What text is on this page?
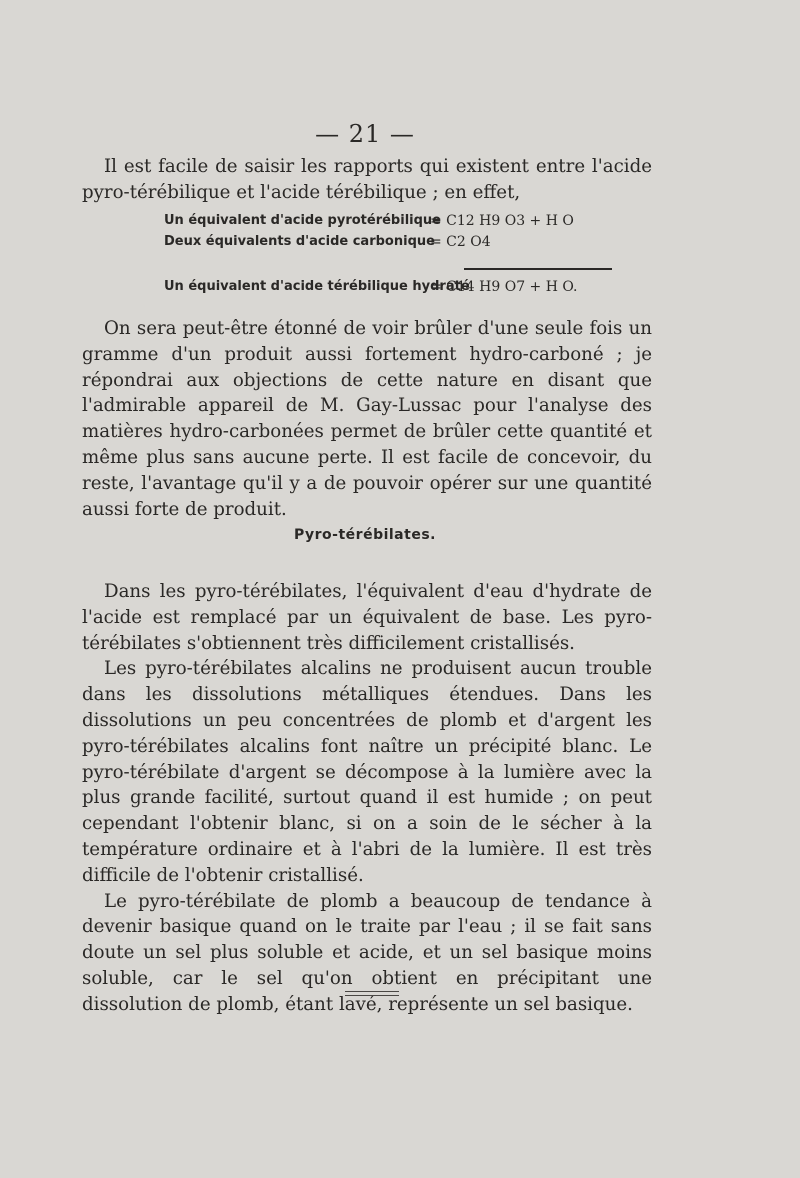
— 21 —

Il est facile de saisir les rapports qui existent entre l'acide pyro-térébilique et l'acide térébilique ; en effet,

Un équivalent d'acide pyrotérébilique
= C12 H9 O3 + H O
Deux équivalents d'acide carbonique
= C2 O4
Un équivalent d'acide térébilique hydraté
= C14 H9 O7 + H O.

On sera peut-être étonné de voir brûler d'une seule fois un gramme d'un produit aussi fortement hydro-carboné ; je répondrai aux objections de cette nature en disant que l'admirable appareil de M. Gay-Lussac pour l'analyse des matières hydro-carbonées permet de brûler cette quantité et même plus sans aucune perte. Il est facile de concevoir, du reste, l'avantage qu'il y a de pouvoir opérer sur une quantité aussi forte de produit.

Pyro-térébilates.

Dans les pyro-térébilates, l'équivalent d'eau d'hydrate de l'acide est remplacé par un équivalent de base. Les pyro-térébilates s'obtiennent très difficilement cristallisés.

Les pyro-térébilates alcalins ne produisent aucun trouble dans les dissolutions métalliques étendues. Dans les dissolutions un peu concentrées de plomb et d'argent les pyro-térébilates alcalins font naître un précipité blanc. Le pyro-térébilate d'argent se décompose à la lumière avec la plus grande facilité, surtout quand il est humide ; on peut cependant l'obtenir blanc, si on a soin de le sécher à la température ordinaire et à l'abri de la lumière. Il est très difficile de l'obtenir cristallisé.

Le pyro-térébilate de plomb a beaucoup de tendance à devenir basique quand on le traite par l'eau ; il se fait sans doute un sel plus soluble et acide, et un sel basique moins soluble, car le sel qu'on obtient en précipitant une dissolution de plomb, étant lavé, représente un sel basique.
